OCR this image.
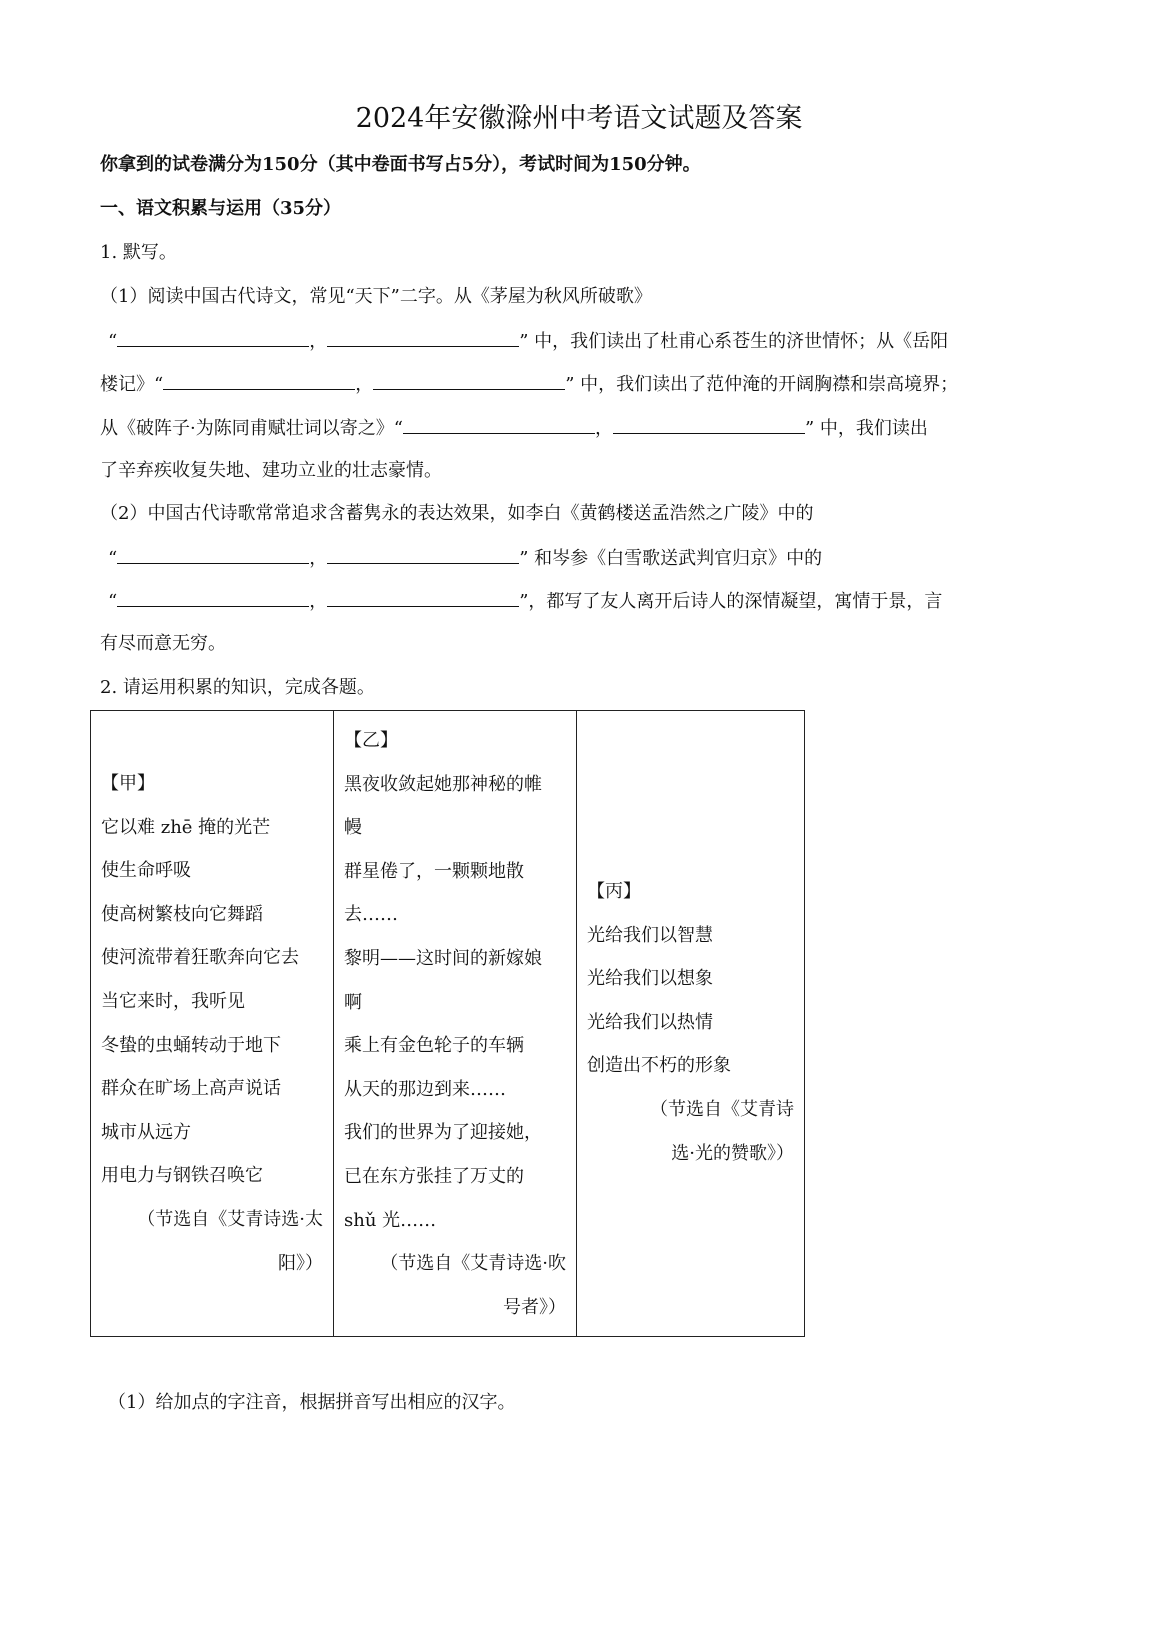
2024年安徽滁州中考语文试题及答案
你拿到的试卷满分为150分（其中卷面书写占5分），考试时间为150分钟。
一、语文积累与运用（35分）
1. 默写。
（1）阅读中国古代诗文，常见“天下”二字。从《茅屋为秋风所破歌》
“	，	” 中，我们读出了杜甫心系苍生的济世情怀；从《岳阳
楼记》“	，	” 中，我们读出了范仲淹的开阔胸襟和崇高境界；
从《破阵子·为陈同甫赋壮词以寄之》“	，	” 中，我们读出
了辛弃疾收复失地、建功立业的壮志豪情。
（2）中国古代诗歌常常追求含蓄隽永的表达效果，如李白《黄鹤楼送孟浩然之广陵》中的
“	，	” 和岑参《白雪歌送武判官归京》中的
“	，	”，都写了友人离开后诗人的深情凝望，寓情于景，言
有尽而意无穷。
2. 请运用积累的知识，完成各题。
【甲】
它以难 zhē 掩的光芒
使生命呼吸
使高树繁枝向它舞蹈
使河流带着狂歌奔向它去
当它来时，我听见
冬蛰的虫蛹转动于地下
群众在旷场上高声说话
城市从远方
用电力与钢铁召唤它
（节选自《艾青诗选·太
阳》）

【乙】
黑夜收敛起她那神秘的帷
幔
群星倦了，一颗颗地散
去……
黎明——这时间的新嫁娘
啊
乘上有金色轮子的车辆
从天的那边到来……
我们的世界为了迎接她，
已在东方张挂了万丈的
shǔ 光……
（节选自《艾青诗选·吹
号者》）

【丙】
光给我们以智慧
光给我们以想象
光给我们以热情
创造出不朽的形象
（节选自《艾青诗
选·光的赞歌》）
（1）给加点的字注音，根据拼音写出相应的汉字。
